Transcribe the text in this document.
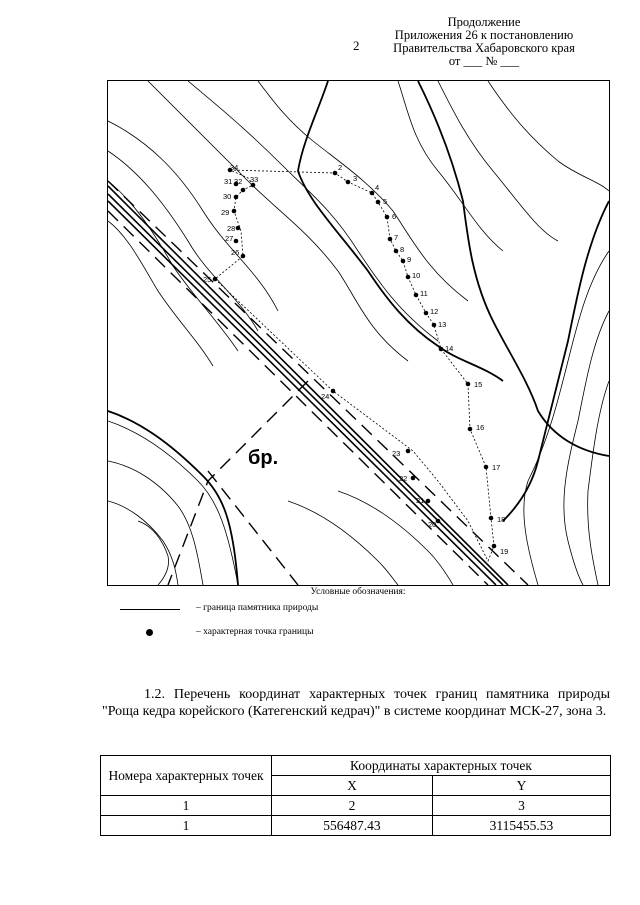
2
Продолжение
Приложения 26 к постановлению
Правительства Хабаровского края
от ___ № ___
2
3
4
5
6
7
8
9
10
11
12
13
14
15
16
17
18
19
20
21
22
23
24
25
26
27
28
29
30
31 32 33
34
бр.
Условные обозначения:
– граница памятника природы
– характерная точка границы
1.2. Перечень координат характерных точек границ памятника природы "Роща кедра корейского (Категенский кедрач)" в системе координат МСК-27, зона 3.
Номера характерных точек	Координаты характерных точек	
	X	Y
1	2	3
1	556487.43	3115455.53
